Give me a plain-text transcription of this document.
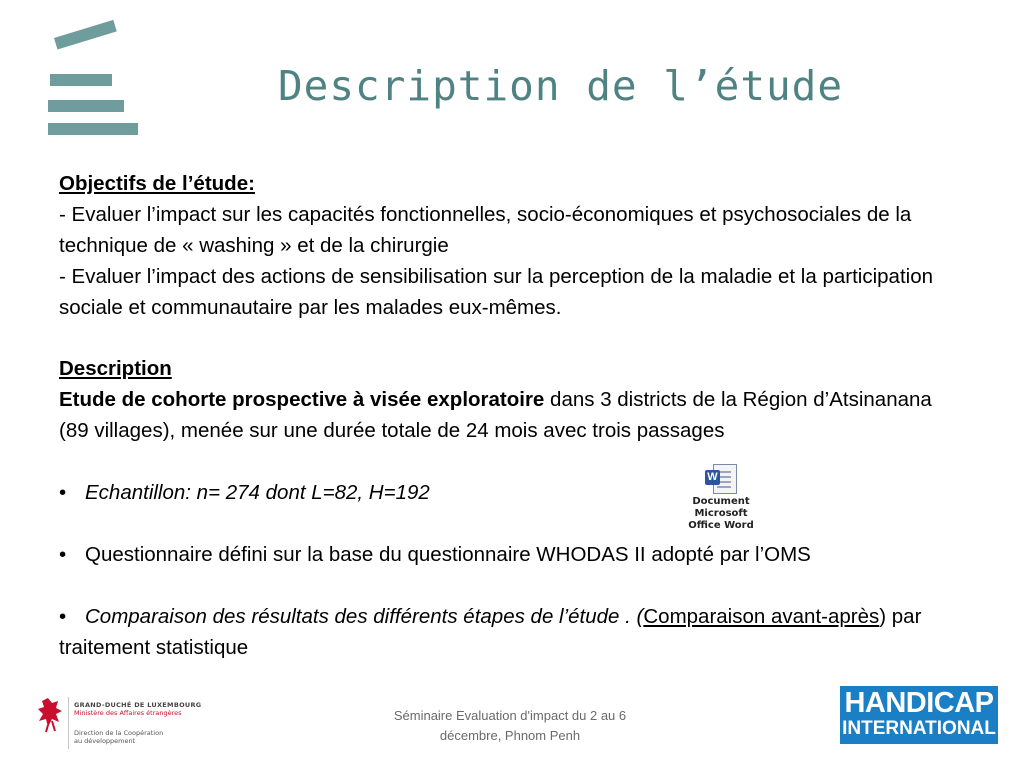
Description de l’étude

Objectifs de l’étude:

- Evaluer l’impact sur les capacités fonctionnelles, socio-économiques et psychosociales de la technique de « washing » et de la chirurgie

- Evaluer l’impact des actions de sensibilisation sur la perception de la maladie et la participation sociale et communautaire par les malades eux-mêmes.

Description

Etude de cohorte prospective à visée exploratoire dans 3 districts de la Région d’Atsinanana (89 villages), menée sur une durée totale de 24 mois avec trois passages

• Echantillon: n= 274 dont L=82, H=192

• Questionnaire défini sur la base du questionnaire WHODAS II adopté par l’OMS

• Comparaison des résultats des différents étapes de l’étude . (Comparaison avant-après) par traitement statistique

W
Document Microsoft
Office Word
GRAND-DUCHÉ DE LUXEMBOURG
Ministère des Affaires étrangères
Direction de la Coopération
au développement
Séminaire Evaluation d'impact du 2 au 6
décembre, Phnom Penh
HANDICAP
INTERNATIONAL
